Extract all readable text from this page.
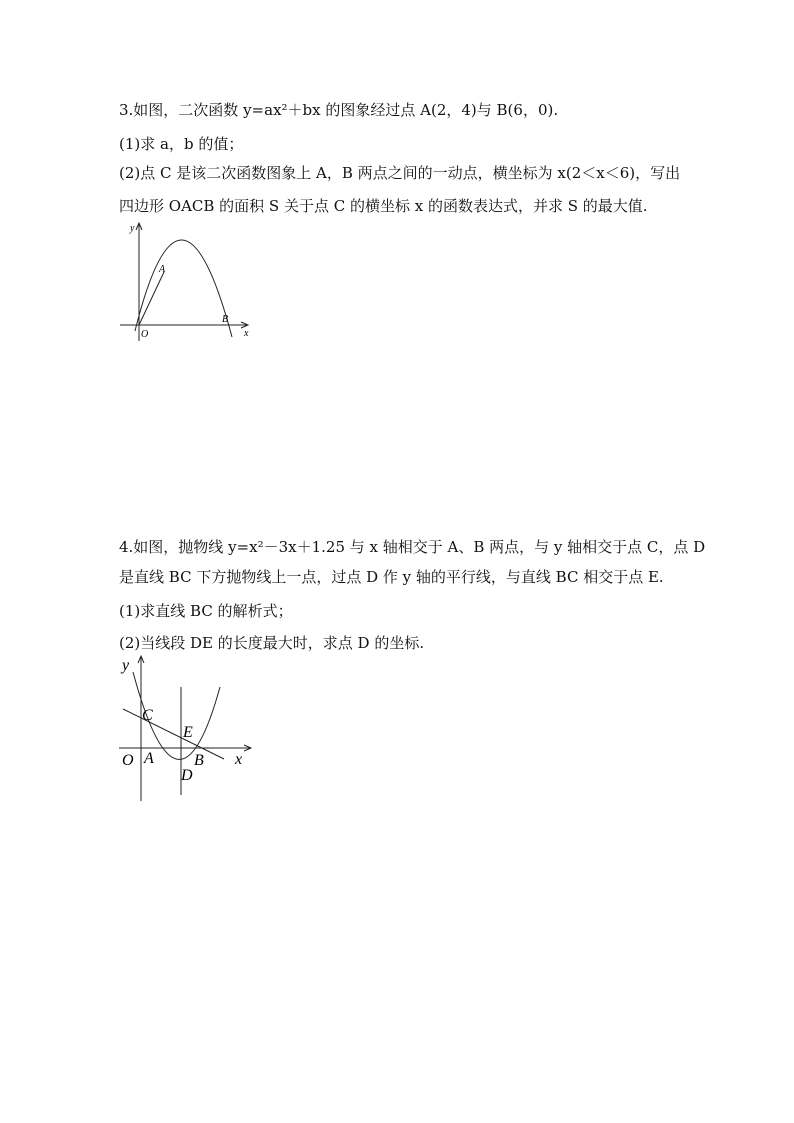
3.如图，二次函数 y=ax²＋bx 的图象经过点 A(2，4)与 B(6，0).
(1)求 a，b 的值；
(2)点 C 是该二次函数图象上 A，B 两点之间的一动点，横坐标为 x(2＜x＜6)，写出
四边形 OACB 的面积 S 关于点 C 的横坐标 x 的函数表达式，并求 S 的最大值.
y
x
A
B
O
4.如图，抛物线 y=x²－3x＋1.25 与 x 轴相交于 A、B 两点，与 y 轴相交于点 C，点 D
是直线 BC 下方抛物线上一点，过点 D 作 y 轴的平行线，与直线 BC 相交于点 E.
(1)求直线 BC 的解析式；
(2)当线段 DE 的长度最大时，求点 D 的坐标.
y
x
O A	B
C
D
E
